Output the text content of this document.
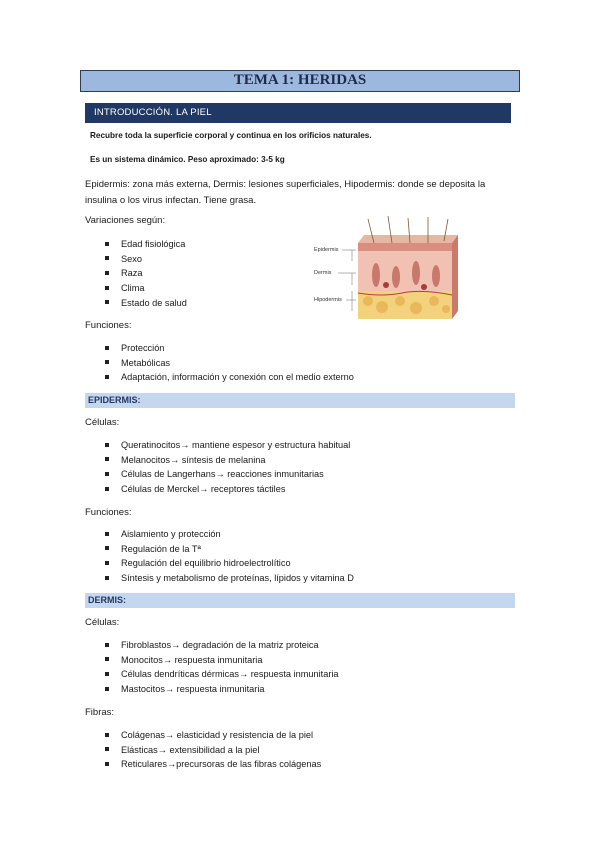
TEMA 1: HERIDAS
INTRODUCCIÓN. LA PIEL
Recubre toda la superficie corporal y continua en los orificios naturales.
Es un sistema dinámico. Peso aproximado: 3-5 kg
Epidermis: zona más externa, Dermis: lesiones superficiales, Hipodermis: donde se deposita la
insulina o los virus infectan. Tiene grasa.
Variaciones según:
Edad fisiológica
Sexo
Raza
Clima
Estado de salud
Epidermis
Dermis
Hipodermis
Funciones:
Protección
Metabólicas
Adaptación, información y conexión con el medio externo
EPIDERMIS:
Células:
Queratinocitos→ mantiene espesor y estructura habitual
Melanocitos→ síntesis de melanina
Células de Langerhans→ reacciones inmunitarias
Células de Merckel→ receptores táctiles
Funciones:
Aislamiento y protección
Regulación de la Tª
Regulación del equilibrio hidroelectrolítico
Síntesis y metabolismo de proteínas, lípidos y vitamina D
DERMIS:
Células:
Fibroblastos→ degradación de la matriz proteica
Monocitos→ respuesta inmunitaria
Células dendríticas dérmicas→ respuesta inmunitaria
Mastocitos→ respuesta inmunitaria
Fibras:
Colágenas→ elasticidad y resistencia de la piel
Elásticas→ extensibilidad a la piel
Reticulares→precursoras de las fibras colágenas
